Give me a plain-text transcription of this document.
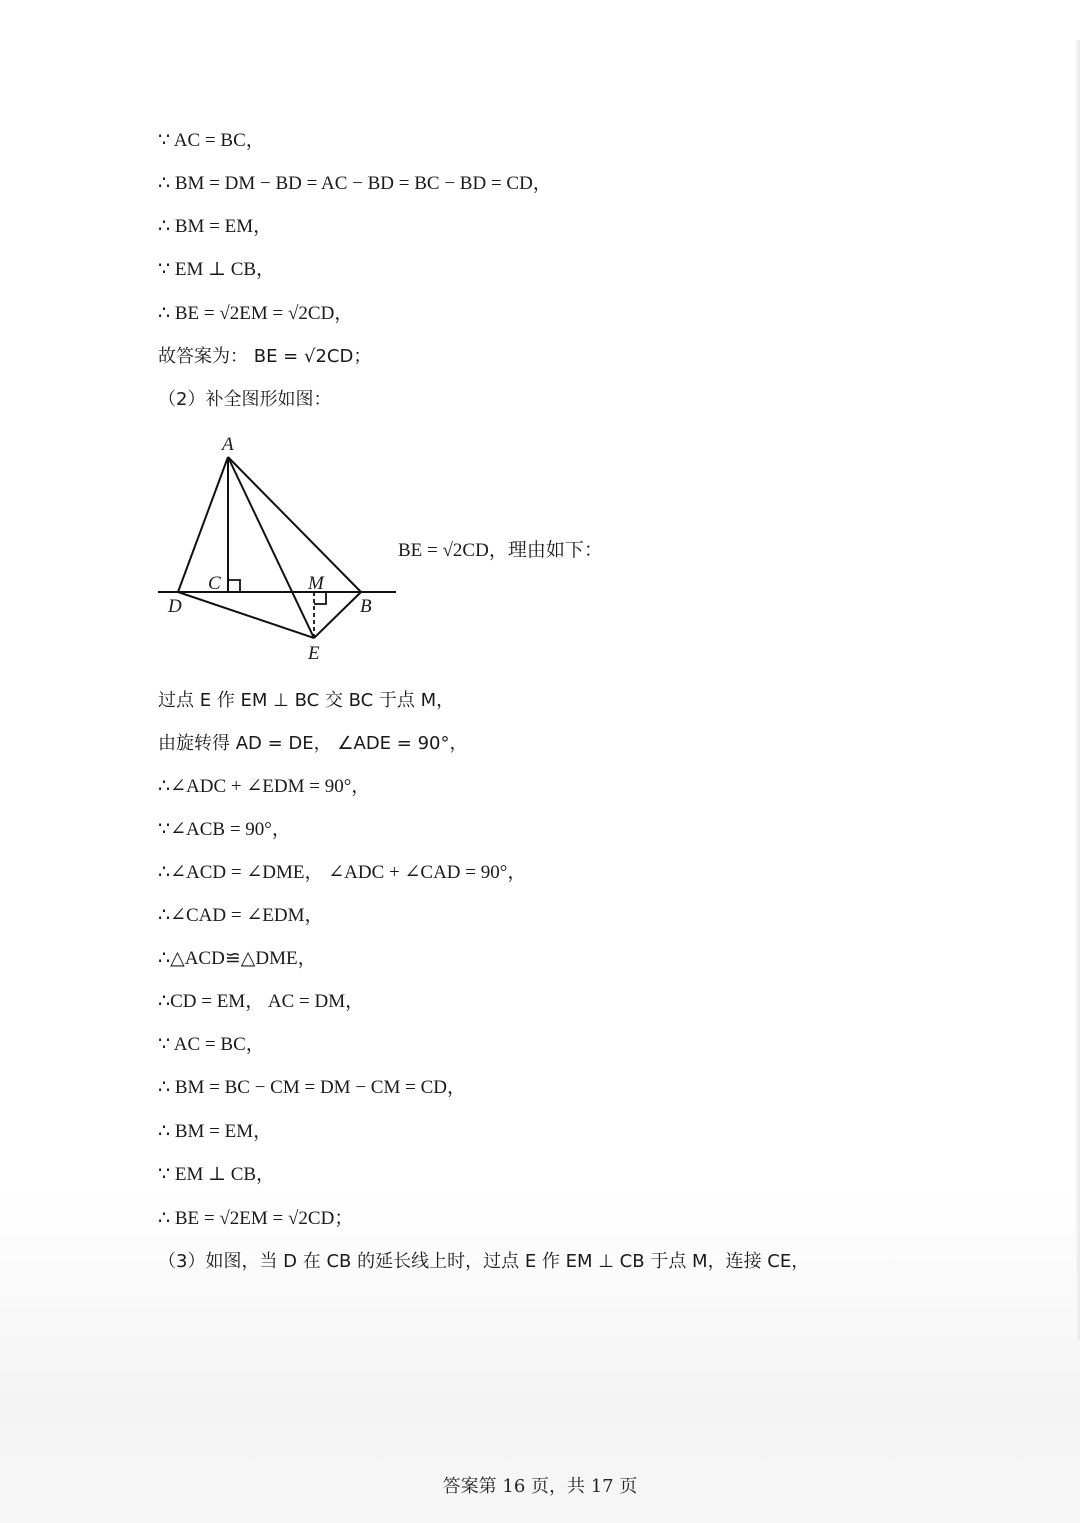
∵ AC = BC，
∴ BM = DM − BD = AC − BD = BC − BD = CD，
∴ BM = EM，
∵ EM ⊥ CB，
∴ BE = √2EM = √2CD，
故答案为： BE = √2CD；
（2）补全图形如图：
A
C	M
D	B
E
BE = √2CD，理由如下：
过点 E 作 EM ⊥ BC 交 BC 于点 M，
由旋转得 AD = DE， ∠ADE = 90°，
∴∠ADC + ∠EDM = 90°，
∵∠ACB = 90°，
∴∠ACD = ∠DME， ∠ADC + ∠CAD = 90°，
∴∠CAD = ∠EDM，
∴△ACD≌△DME，
∴CD = EM， AC = DM，
∵ AC = BC，
∴ BM = BC − CM = DM − CM = CD，
∴ BM = EM，
∵ EM ⊥ CB，
∴ BE = √2EM = √2CD；
（3）如图，当 D 在 CB 的延长线上时，过点 E 作 EM ⊥ CB 于点 M，连接 CE，
答案第 16 页，共 17 页
